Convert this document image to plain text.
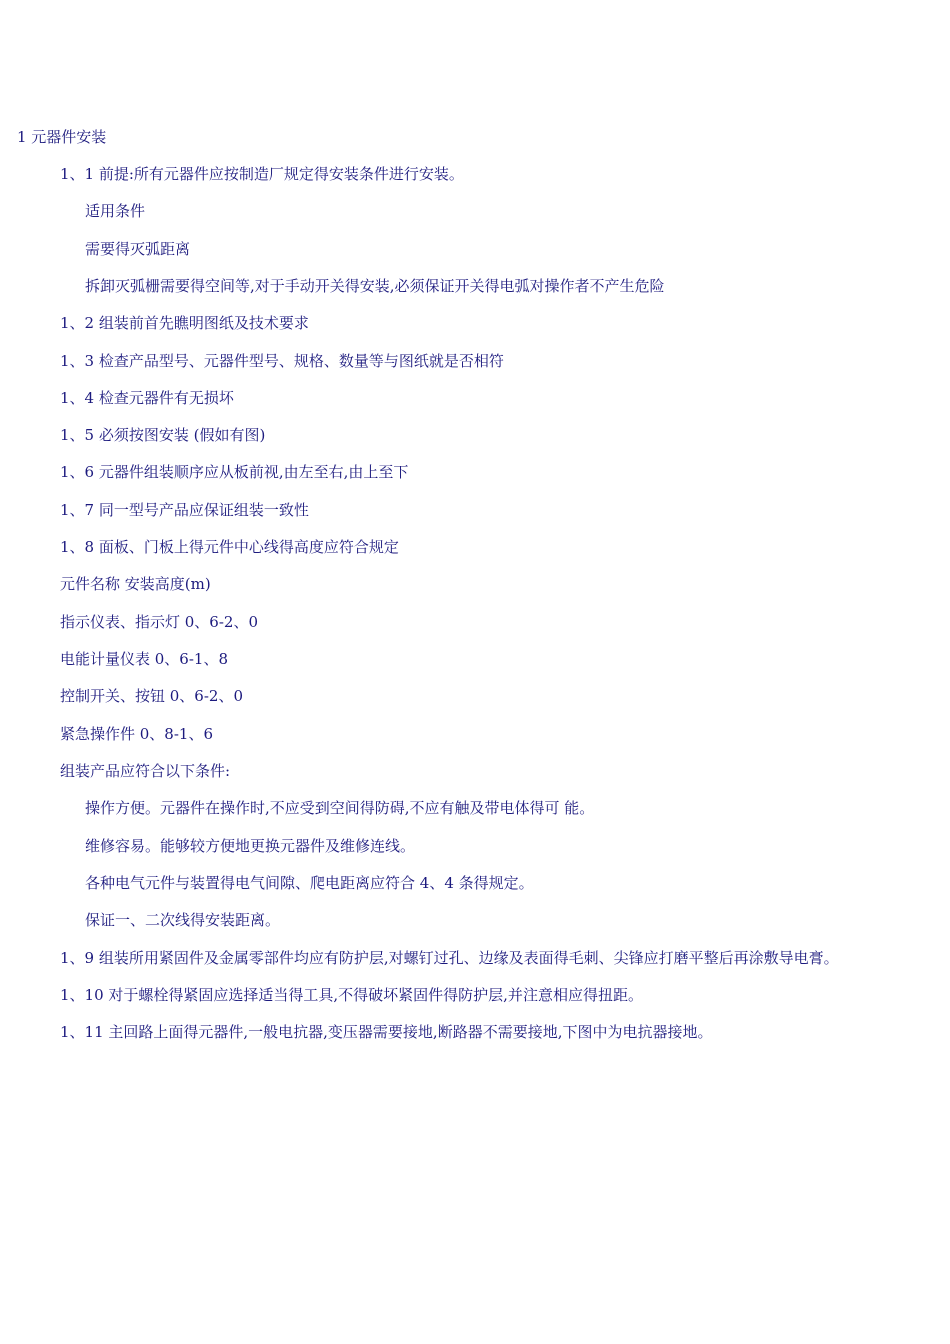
1 元器件安装
1、1 前提:所有元器件应按制造厂规定得安装条件进行安装。
适用条件
需要得灭弧距离
拆卸灭弧栅需要得空间等,对于手动开关得安装,必须保证开关得电弧对操作者不产生危险
1、2 组装前首先瞧明图纸及技术要求
1、3 检查产品型号、元器件型号、规格、数量等与图纸就是否相符
1、4 检查元器件有无损坏
1、5 必须按图安装 (假如有图)
1、6 元器件组装顺序应从板前视,由左至右,由上至下
1、7 同一型号产品应保证组装一致性
1、8 面板、门板上得元件中心线得高度应符合规定
元件名称 安装高度(m)
指示仪表、指示灯 0、6-2、0
电能计量仪表 0、6-1、8
控制开关、按钮 0、6-2、0
紧急操作件 0、8-1、6
组装产品应符合以下条件:
操作方便。元器件在操作时,不应受到空间得防碍,不应有触及带电体得可 能。
维修容易。能够较方便地更换元器件及维修连线。
各种电气元件与装置得电气间隙、爬电距离应符合 4、4 条得规定。
保证一、二次线得安装距离。
1、9 组装所用紧固件及金属零部件均应有防护层,对螺钉过孔、边缘及表面得毛刺、尖锋应打磨平整后再涂敷导电膏。
1、10 对于螺栓得紧固应选择适当得工具,不得破坏紧固件得防护层,并注意相应得扭距。
1、11 主回路上面得元器件,一般电抗器,变压器需要接地,断路器不需要接地,下图中为电抗器接地。
